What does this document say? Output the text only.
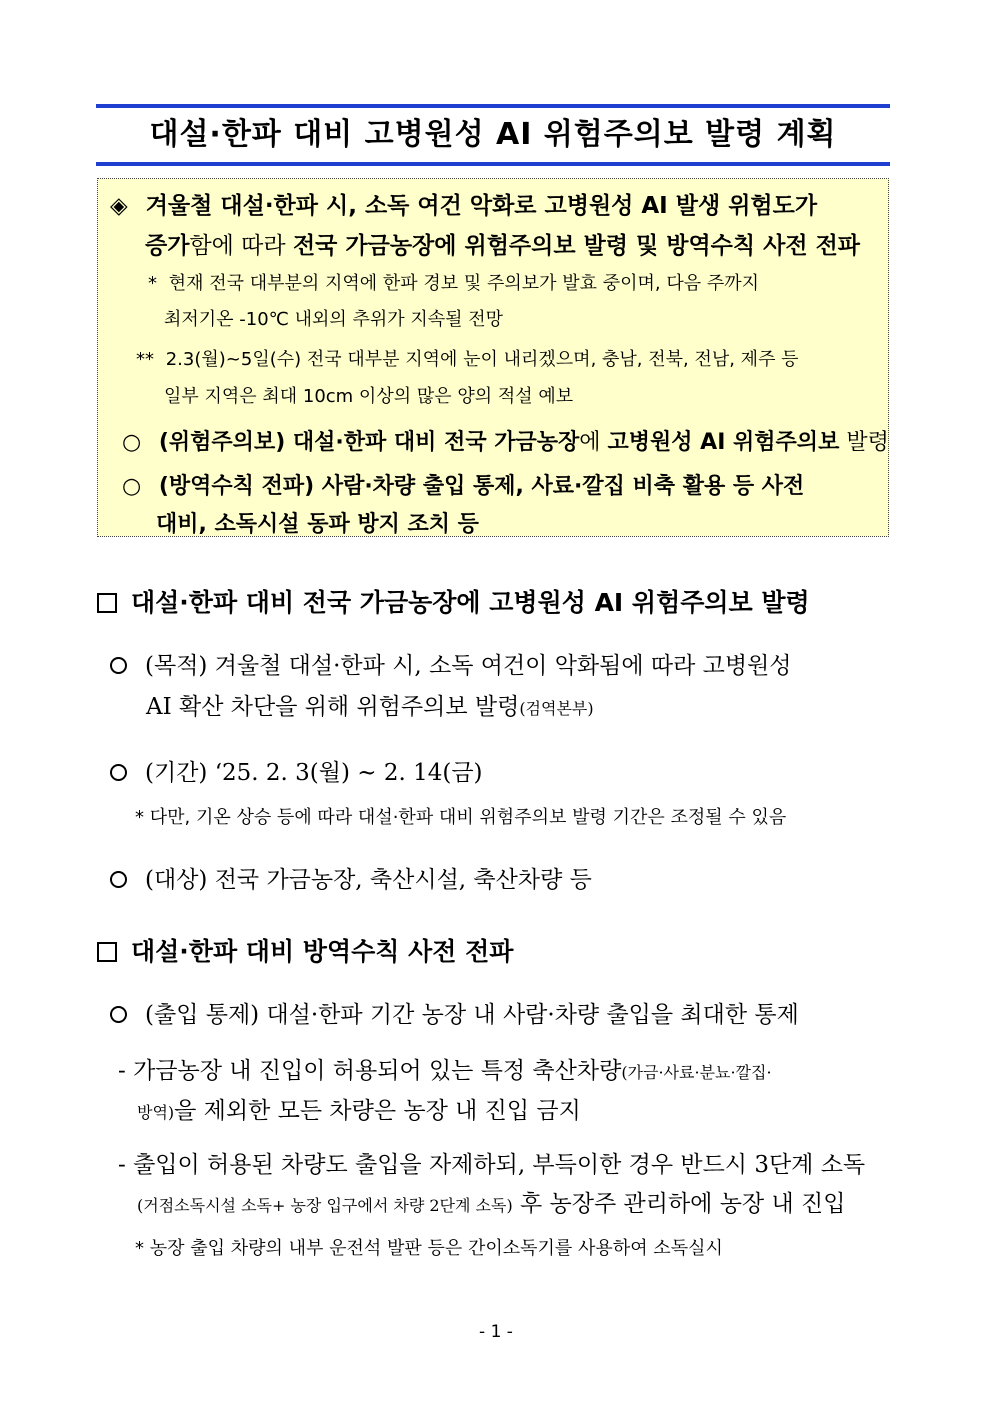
대설·한파 대비 고병원성 AI 위험주의보 발령 계획
◈ 겨울철 대설·한파 시, 소독 여건 악화로 고병원성 AI 발생 위험도가
증가함에 따라 전국 가금농장에 위험주의보 발령 및 방역수칙 사전 전파
* 현재 전국 대부분의 지역에 한파 경보 및 주의보가 발효 중이며, 다음 주까지
최저기온 -10℃ 내외의 추위가 지속될 전망
** 2.3(월)~5일(수) 전국 대부분 지역에 눈이 내리겠으며, 충남, 전북, 전남, 제주 등
일부 지역은 최대 10cm 이상의 많은 양의 적설 예보
○ (위험주의보) 대설·한파 대비 전국 가금농장에 고병원성 AI 위험주의보 발령
○ (방역수칙 전파) 사람·차량 출입 통제, 사료·깔집 비축 활용 등 사전
대비, 소독시설 동파 방지 조치 등
대설·한파 대비 전국 가금농장에 고병원성 AI 위험주의보 발령
(목적) 겨울철 대설·한파 시, 소독 여건이 악화됨에 따라 고병원성
AI 확산 차단을 위해 위험주의보 발령(검역본부)
(기간) ‘25. 2. 3(월) ~ 2. 14(금)
* 다만, 기온 상승 등에 따라 대설·한파 대비 위험주의보 발령 기간은 조정될 수 있음
(대상) 전국 가금농장, 축산시설, 축산차량 등
대설·한파 대비 방역수칙 사전 전파
(출입 통제) 대설·한파 기간 농장 내 사람·차량 출입을 최대한 통제
- 가금농장 내 진입이 허용되어 있는 특정 축산차량(가금·사료·분뇨·깔집·
방역)을 제외한 모든 차량은 농장 내 진입 금지
- 출입이 허용된 차량도 출입을 자제하되, 부득이한 경우 반드시 3단계 소독
(거점소독시설 소독+ 농장 입구에서 차량 2단계 소독) 후 농장주 관리하에 농장 내 진입
* 농장 출입 차량의 내부 운전석 발판 등은 간이소독기를 사용하여 소독실시
- 1 -
